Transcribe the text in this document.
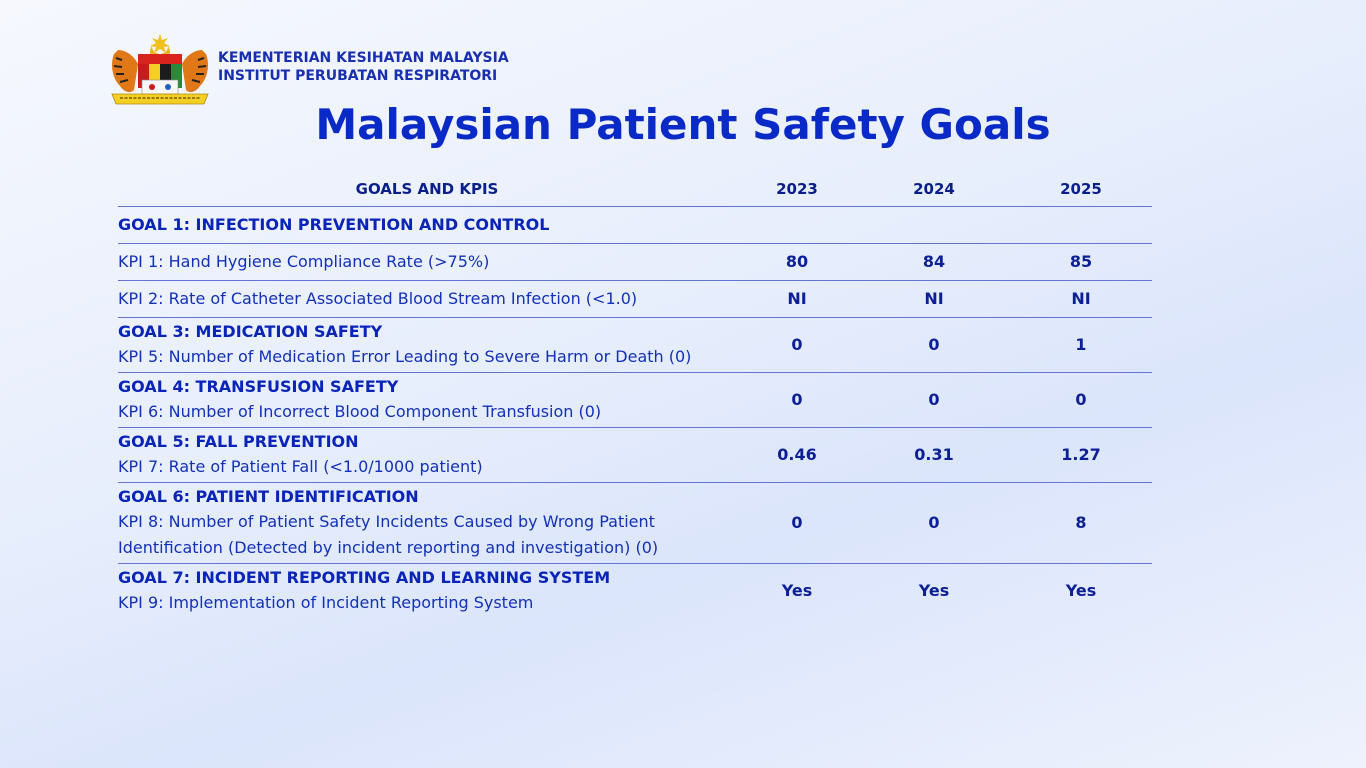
KEMENTERIAN KESIHATAN MALAYSIA
INSTITUT PERUBATAN RESPIRATORI
Malaysian Patient Safety Goals
GOALS AND KPIS	2023	2024	2025
GOAL 1: INFECTION PREVENTION AND CONTROL			
KPI 1: Hand Hygiene Compliance Rate (>75%)	80	84	85
KPI 2: Rate of Catheter Associated Blood Stream Infection (<1.0)	NI	NI	NI

GOAL 3: MEDICATION SAFETY
KPI 5: Number of Medication Error Leading to Severe Harm or Death (0)	0	0	1

GOAL 4: TRANSFUSION SAFETY
KPI 6: Number of Incorrect Blood Component Transfusion (0)	0	0	0

GOAL 5: FALL PREVENTION
KPI 7: Rate of Patient Fall (<1.0/1000 patient)	0.46	0.31	1.27

GOAL 6: PATIENT IDENTIFICATION
KPI 8: Number of Patient Safety Incidents Caused by Wrong Patient Identification (Detected by incident reporting and investigation) (0)	0	0	8

GOAL 7: INCIDENT REPORTING AND LEARNING SYSTEM
KPI 9: Implementation of Incident Reporting System	Yes	Yes	Yes
